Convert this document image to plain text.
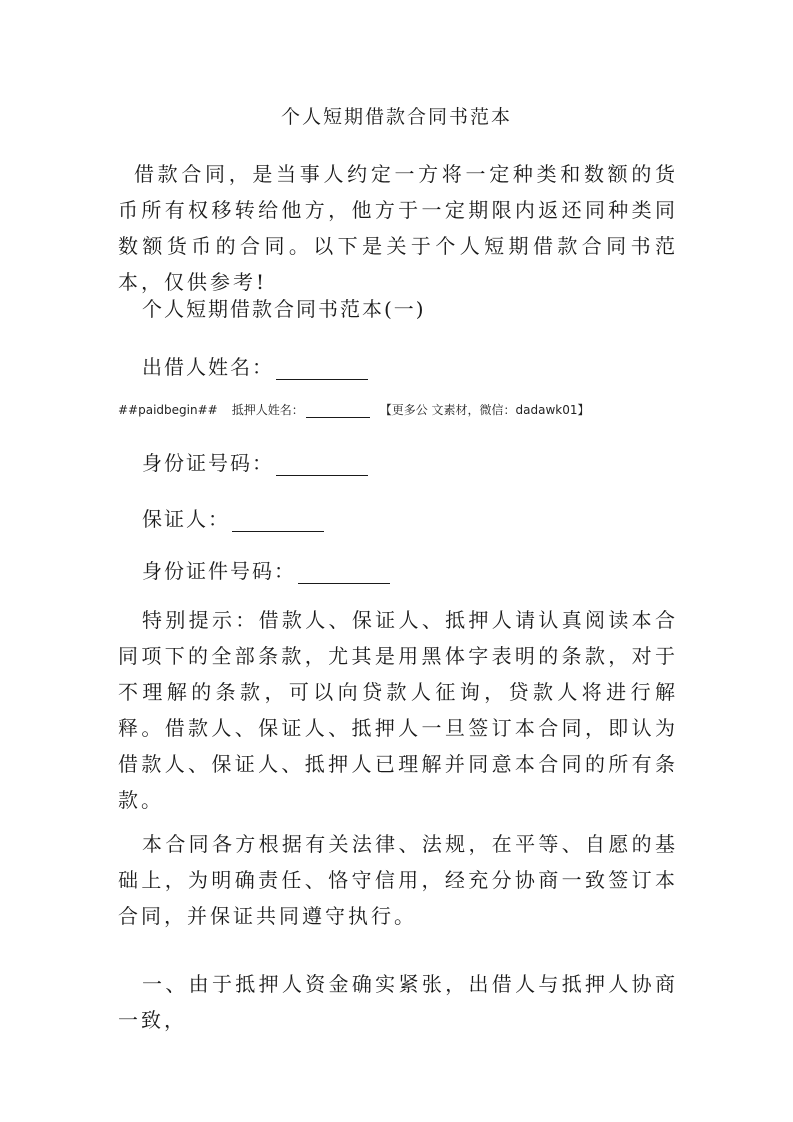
个人短期借款合同书范本
借款合同，是当事人约定一方将一定种类和数额的货币所有权移转给他方，他方于一定期限内返还同种类同数额货币的合同。以下是关于个人短期借款合同书范本，仅供参考!
个人短期借款合同书范本(一)
出借人姓名：
##paidbegin## 抵押人姓名：	【更多公 文素材，微信：dadawk01】
身份证号码：
保证人：
身份证件号码：
特别提示：借款人、保证人、抵押人请认真阅读本合同项下的全部条款，尤其是用黑体字表明的条款，对于不理解的条款，可以向贷款人征询，贷款人将进行解释。借款人、保证人、抵押人一旦签订本合同，即认为借款人、保证人、抵押人已理解并同意本合同的所有条款。
本合同各方根据有关法律、法规，在平等、自愿的基础上，为明确责任、恪守信用，经充分协商一致签订本合同，并保证共同遵守执行。
一、由于抵押人资金确实紧张，出借人与抵押人协商一致，
